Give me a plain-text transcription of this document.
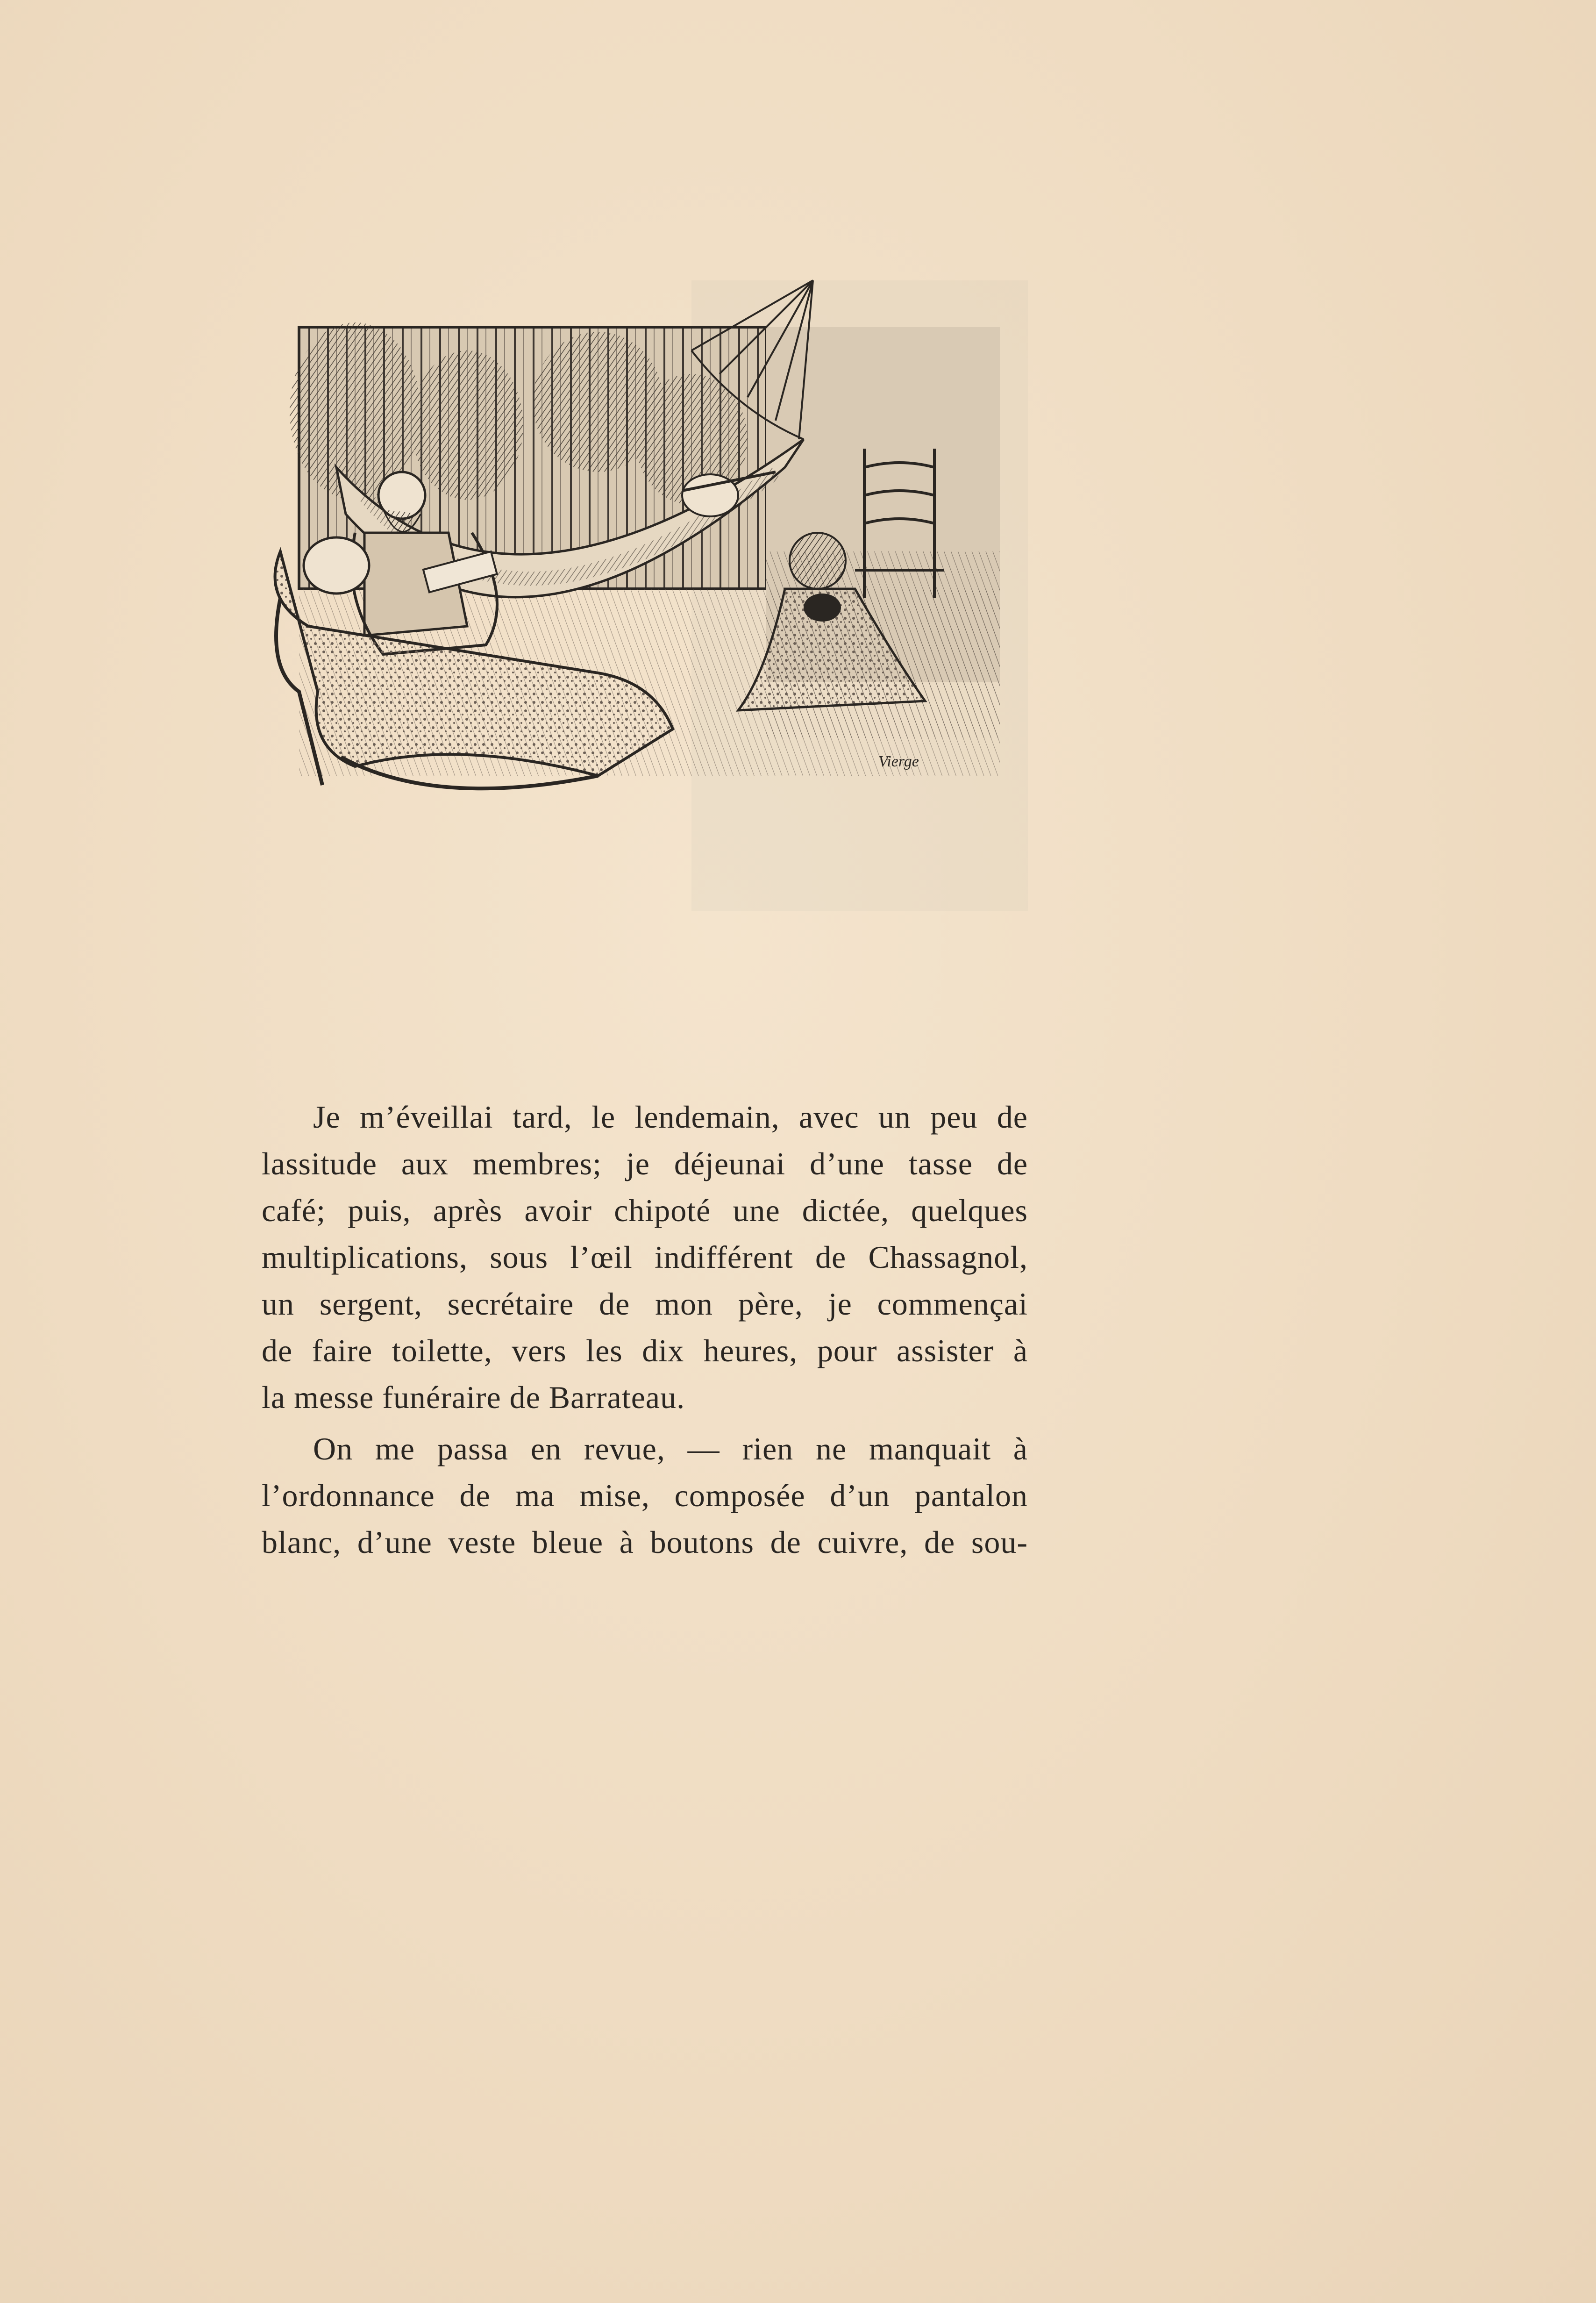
Vierge

Je m’éveillai tard, le lendemain, avec un peu de
lassitude aux membres; je déjeunai d’une tasse de
café; puis, après avoir chipoté une dictée, quelques
multiplications, sous l’œil indifférent de Chassagnol,
un sergent, secrétaire de mon père, je commençai
de faire toilette, vers les dix heures, pour assister à
la messe funéraire de Barrateau.

On me passa en revue, — rien ne manquait à
l’ordonnance de ma mise, composée d’un pantalon
blanc, d’une veste bleue à boutons de cuivre, de sou-
